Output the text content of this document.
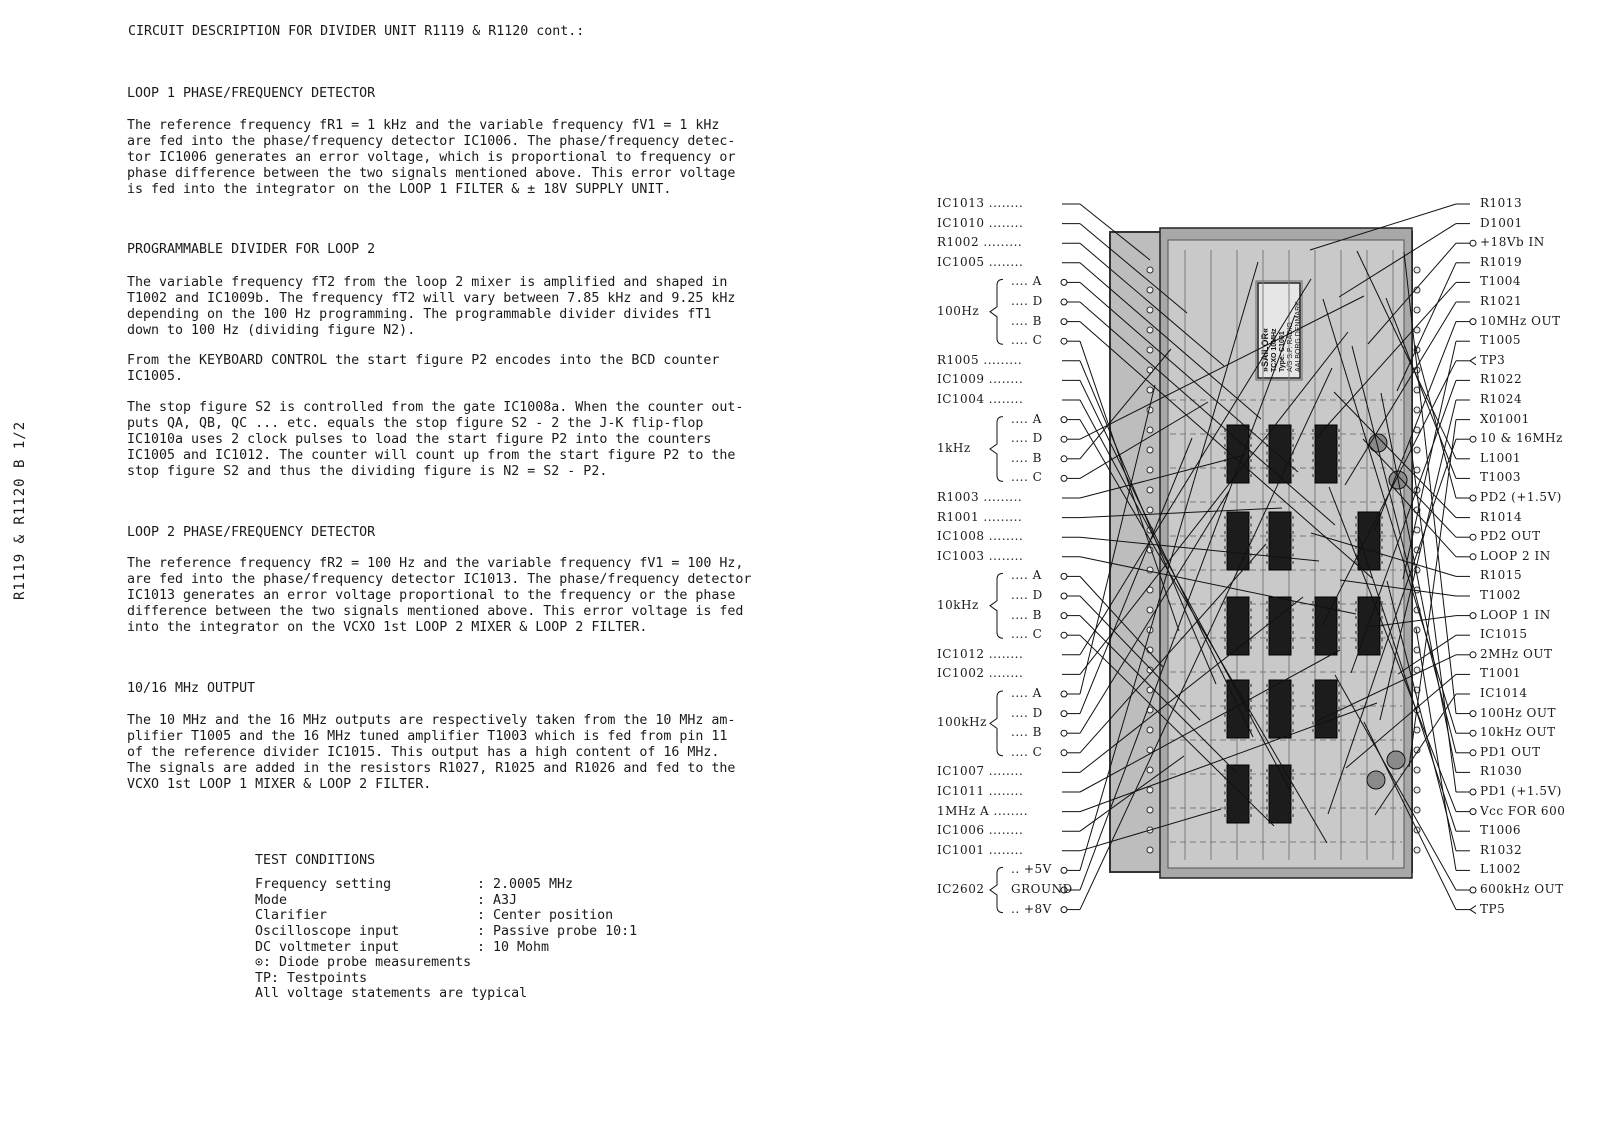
CIRCUIT DESCRIPTION FOR DIVIDER UNIT R1119 & R1120 cont.:
R1119 & R1120 B 1/2
LOOP 1 PHASE/FREQUENCY DETECTOR
The reference frequency fR1 = 1 kHz and the variable frequency fV1 = 1 kHz
are fed into the phase/frequency detector IC1006. The phase/frequency detec-
tor IC1006 generates an error voltage, which is proportional to frequency or
phase difference between the two signals mentioned above. This error voltage
is fed into the integrator on the LOOP 1 FILTER & ± 18V SUPPLY UNIT.
PROGRAMMABLE DIVIDER FOR LOOP 2
The variable frequency fT2 from the loop 2 mixer is amplified and shaped in
T1002 and IC1009b. The frequency fT2 will vary between 7.85 kHz and 9.25 kHz
depending on the 100 Hz programming. The programmable divider divides fT1
down to 100 Hz (dividing figure N2).
From the KEYBOARD CONTROL the start figure P2 encodes into the BCD counter
IC1005.
The stop figure S2 is controlled from the gate IC1008a. When the counter out-
puts QA, QB, QC ... etc. equals the stop figure S2 - 2 the J-K flip-flop
IC1010a uses 2 clock pulses to load the start figure P2 into the counters
IC1005 and IC1012. The counter will count up from the start figure P2 to the
stop figure S2 and thus the dividing figure is N2 = S2 - P2.
LOOP 2 PHASE/FREQUENCY DETECTOR
The reference frequency fR2 = 100 Hz and the variable frequency fV1 = 100 Hz,
are fed into the phase/frequency detector IC1013. The phase/frequency detector
IC1013 generates an error voltage proportional to the frequency or the phase
difference between the two signals mentioned above. This error voltage is fed
into the integrator on the VCXO 1st LOOP 2 MIXER & LOOP 2 FILTER.
10/16 MHz OUTPUT
The 10 MHz and the 16 MHz outputs are respectively taken from the 10 MHz am-
plifier T1005 and the 16 MHz tuned amplifier T1003 which is fed from pin 11
of the reference divider IC1015. This output has a high content of 16 MHz.
The signals are added in the resistors R1027, R1025 and R1026 and fed to the
VCXO 1st LOOP 1 MIXER & LOOP 2 FILTER.
TEST CONDITIONS
Frequency setting	: 2.0005 MHz
Mode	: A3J
Clarifier	: Center position
Oscilloscope input	: Passive probe 10:1
DC voltmeter input	: 10 Mohm
⊙: Diode probe measurements
TP: Testpoints
All voltage statements are typical
»SAILOR« TCXO 10MHz Type: C1001 A/S S.P. RADIO AALBORG DENMARK
IC1013 ........
IC1010 ........
R1002 .........
IC1005 ........
.... A
.... D
.... B
.... C
R1005 .........
IC1009 ........
IC1004 ........
.... A
.... D
.... B
.... C
R1003 .........
R1001 .........
IC1008 ........
IC1003 ........
.... A
.... D
.... B
.... C
IC1012 ........
IC1002 ........
.... A
.... D
.... B
.... C
IC1007 ........
IC1011 ........
1MHz A ........
IC1006 ........
IC1001 ........
.. +5V
GROUND
.. +8V
R1013
D1001
+18Vb IN
R1019
T1004
R1021
10MHz OUT
T1005
TP3
R1022
R1024
X01001
10 & 16MHz
L1001
T1003
PD2 (+1.5V)
R1014
PD2 OUT
LOOP 2 IN
R1015
T1002
LOOP 1 IN
IC1015
2MHz OUT
T1001
IC1014
100Hz OUT
10kHz OUT
PD1 OUT
R1030
PD1 (+1.5V)
Vcc FOR 600
T1006
R1032
L1002
600kHz OUT
TP5
100Hz
1kHz
10kHz
100kHz
IC2602
